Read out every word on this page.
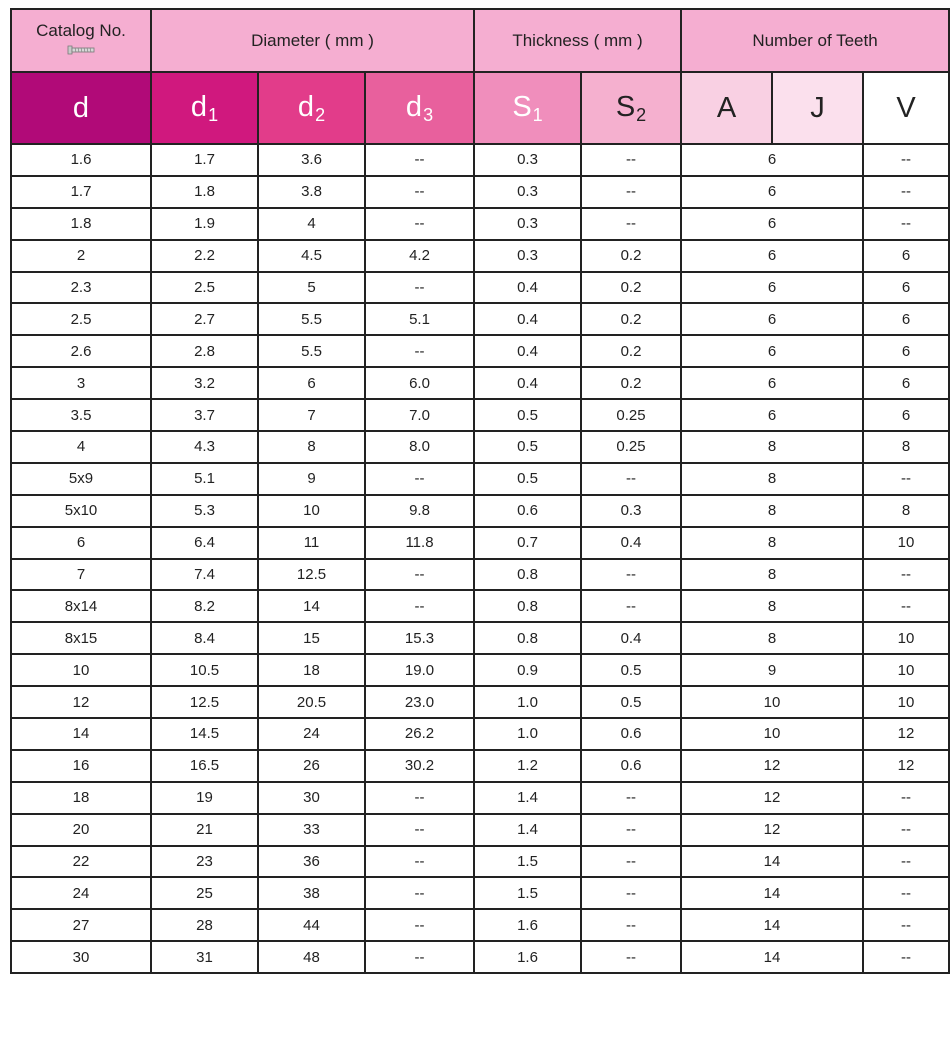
Catalog No.	Diameter ( mm )			Thickness ( mm )		Number of Teeth		
d	$d_1$	$d_2$	$d_3$	$S_1$	$S_2$	A	J	V
1.6	1.7	3.6	--	0.3	--	6		--
1.7	1.8	3.8	--	0.3	--	6		--
1.8	1.9	4	--	0.3	--	6		--
2	2.2	4.5	4.2	0.3	0.2	6		6
2.3	2.5	5	--	0.4	0.2	6		6
2.5	2.7	5.5	5.1	0.4	0.2	6		6
2.6	2.8	5.5	--	0.4	0.2	6		6
3	3.2	6	6.0	0.4	0.2	6		6
3.5	3.7	7	7.0	0.5	0.25	6		6
4	4.3	8	8.0	0.5	0.25	8		8
5x9	5.1	9	--	0.5	--	8		--
5x10	5.3	10	9.8	0.6	0.3	8		8
6	6.4	11	11.8	0.7	0.4	8		10
7	7.4	12.5	--	0.8	--	8		--
8x14	8.2	14	--	0.8	--	8		--
8x15	8.4	15	15.3	0.8	0.4	8		10
10	10.5	18	19.0	0.9	0.5	9		10
12	12.5	20.5	23.0	1.0	0.5	10		10
14	14.5	24	26.2	1.0	0.6	10		12
16	16.5	26	30.2	1.2	0.6	12		12
18	19	30	--	1.4	--	12		--
20	21	33	--	1.4	--	12		--
22	23	36	--	1.5	--	14		--
24	25	38	--	1.5	--	14		--
27	28	44	--	1.6	--	14		--
30	31	48	--	1.6	--	14		--
